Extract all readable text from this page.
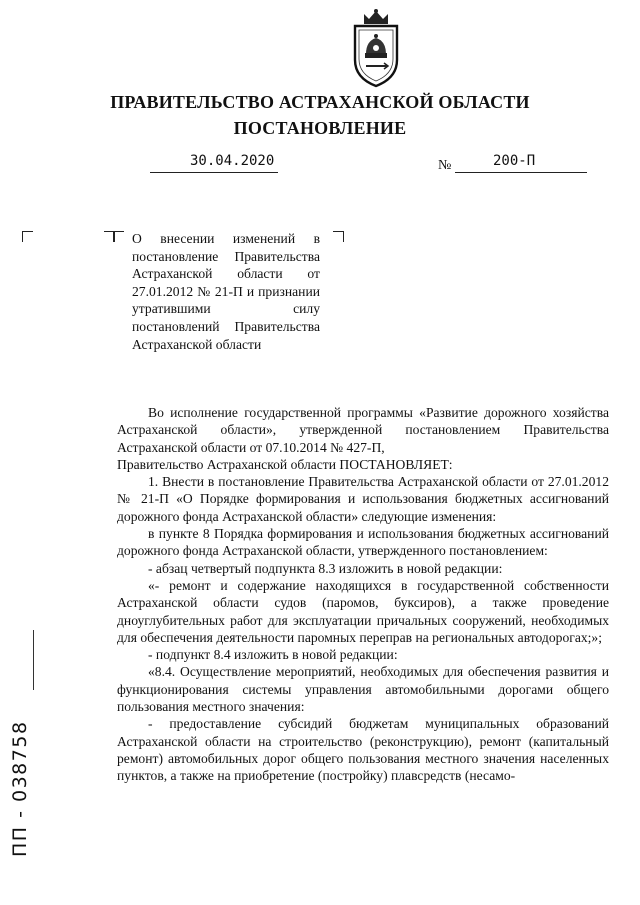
ПРАВИТЕЛЬСТВО АСТРАХАНСКОЙ ОБЛАСТИ
ПОСТАНОВЛЕНИЕ
30.04.2020	№	200-П
О внесении изменений в постановление Правительства Астраханской области от 27.01.2012 № 21-П и признании утратившими силу постановлений Правительства Астраханской области

Во исполнение государственной программы «Развитие дорожного хозяйства Астраханской области», утвержденной постановлением Правительства Астраханской области от 07.10.2014 № 427-П,

Правительство Астраханской области ПОСТАНОВЛЯЕТ:

1. Внести в постановление Правительства Астраханской области от 27.01.2012 № 21-П «О Порядке формирования и использования бюджетных ассигнований дорожного фонда Астраханской области» следующие изменения:

в пункте 8 Порядка формирования и использования бюджетных ассигнований дорожного фонда Астраханской области, утвержденного постановлением:

- абзац четвертый подпункта 8.3 изложить в новой редакции:

«- ремонт и содержание находящихся в государственной собственности Астраханской области судов (паромов, буксиров), а также проведение дноуглубительных работ для эксплуатации причальных сооружений, необходимых для обеспечения деятельности паромных переправ на региональных автодорогах;»;

- подпункт 8.4 изложить в новой редакции:

«8.4. Осуществление мероприятий, необходимых для обеспечения развития и функционирования системы управления автомобильными дорогами общего пользования местного значения:

- предоставление субсидий бюджетам муниципальных образований Астраханской области на строительство (реконструкцию), ремонт (капитальный ремонт) автомобильных дорог общего пользования местного значения населенных пунктов, а также на приобретение (постройку) плавсредств (несамо-

ПП - 038758
